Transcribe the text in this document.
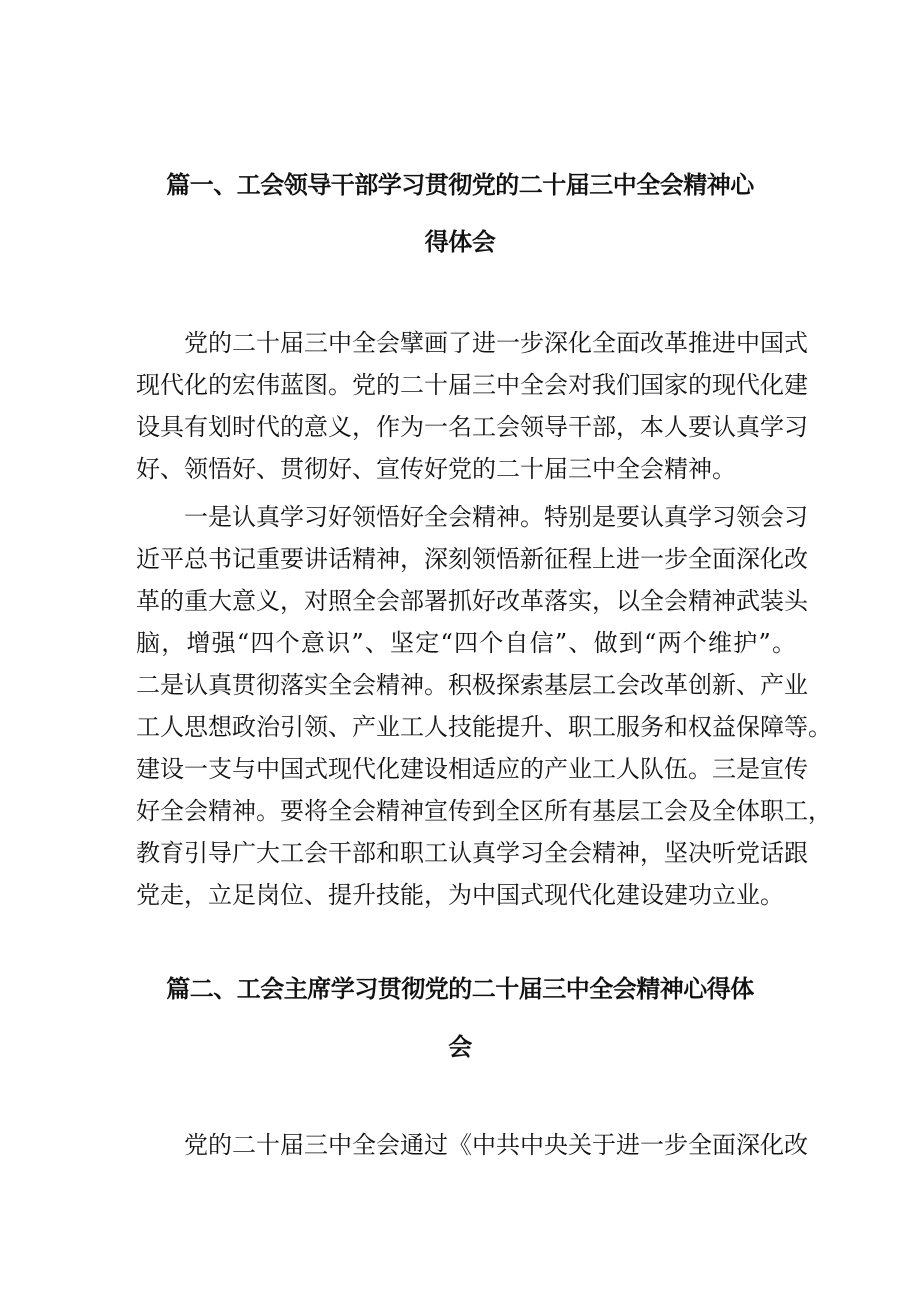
篇一、工会领导干部学习贯彻党的二十届三中全会精神心
得体会
党的二十届三中全会擘画了进一步深化全面改革推进中国式
现代化的宏伟蓝图。党的二十届三中全会对我们国家的现代化建
设具有划时代的意义，作为一名工会领导干部，本人要认真学习
好、领悟好、贯彻好、宣传好党的二十届三中全会精神。
一是认真学习好领悟好全会精神。特别是要认真学习领会习
近平总书记重要讲话精神，深刻领悟新征程上进一步全面深化改
革的重大意义，对照全会部署抓好改革落实，以全会精神武装头
脑，增强“四个意识”、坚定“四个自信”、做到“两个维护”。
二是认真贯彻落实全会精神。积极探索基层工会改革创新、产业
工人思想政治引领、产业工人技能提升、职工服务和权益保障等。
建设一支与中国式现代化建设相适应的产业工人队伍。三是宣传
好全会精神。要将全会精神宣传到全区所有基层工会及全体职工，
教育引导广大工会干部和职工认真学习全会精神，坚决听党话跟
党走，立足岗位、提升技能，为中国式现代化建设建功立业。
篇二、工会主席学习贯彻党的二十届三中全会精神心得体
会
党的二十届三中全会通过《中共中央关于进一步全面深化改
